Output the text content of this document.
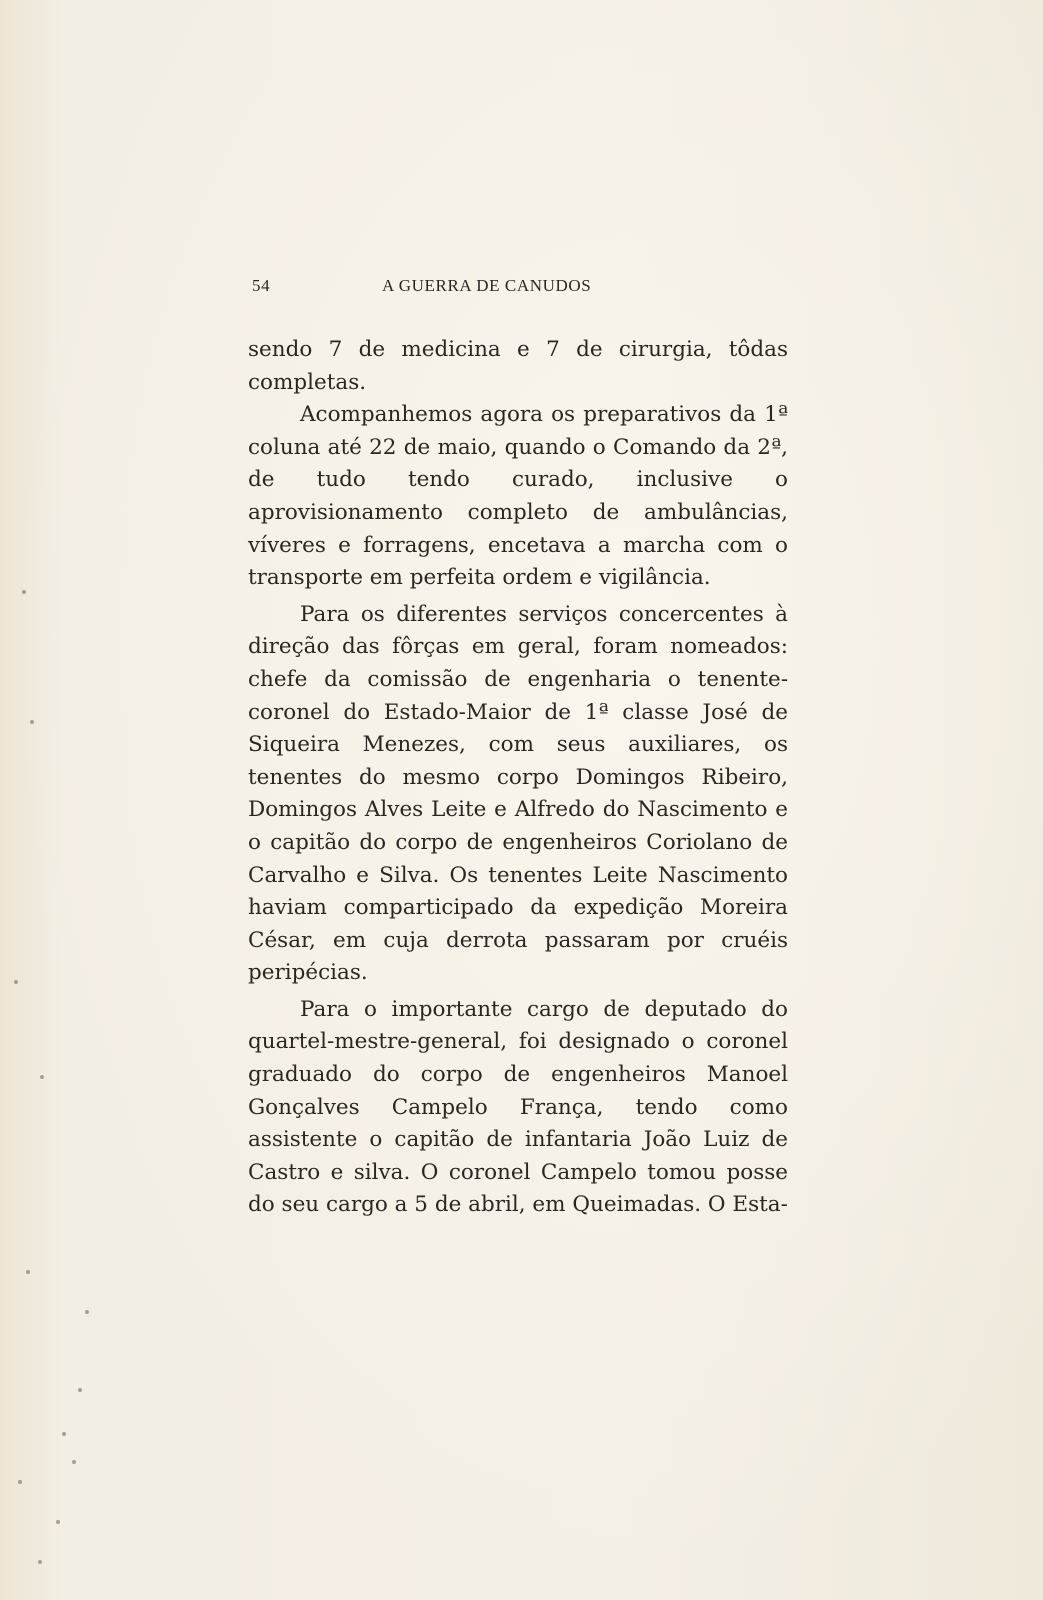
54	A GUERRA DE CANUDOS

sendo 7 de medicina e 7 de cirurgia, tôdas completas.

Acompanhemos agora os preparativos da 1ª coluna até 22 de maio, quando o Comando da 2ª, de tudo tendo curado, inclusive o aprovisionamento completo de ambulâncias, víveres e forragens, encetava a marcha com o transporte em perfeita ordem e vigilância.

Para os diferentes serviços concercentes à direção das fôrças em geral, foram nomeados: chefe da comissão de engenharia o tenente-coronel do Estado-Maior de 1ª classe José de Siqueira Menezes, com seus auxiliares, os tenentes do mesmo corpo Domingos Ribeiro, Domingos Alves Leite e Alfredo do Nascimento e o capitão do corpo de engenheiros Coriolano de Carvalho e Silva. Os tenentes Leite Nascimento haviam comparticipado da expedição Moreira César, em cuja derrota passaram por cruéis peripécias.

Para o importante cargo de deputado do quartel-mestre-general, foi designado o coronel graduado do corpo de engenheiros Manoel Gonçalves Campelo França, tendo como assistente o capitão de infantaria João Luiz de Castro e silva. O coronel Campelo tomou posse do seu cargo a 5 de abril, em Queimadas. O Esta-
